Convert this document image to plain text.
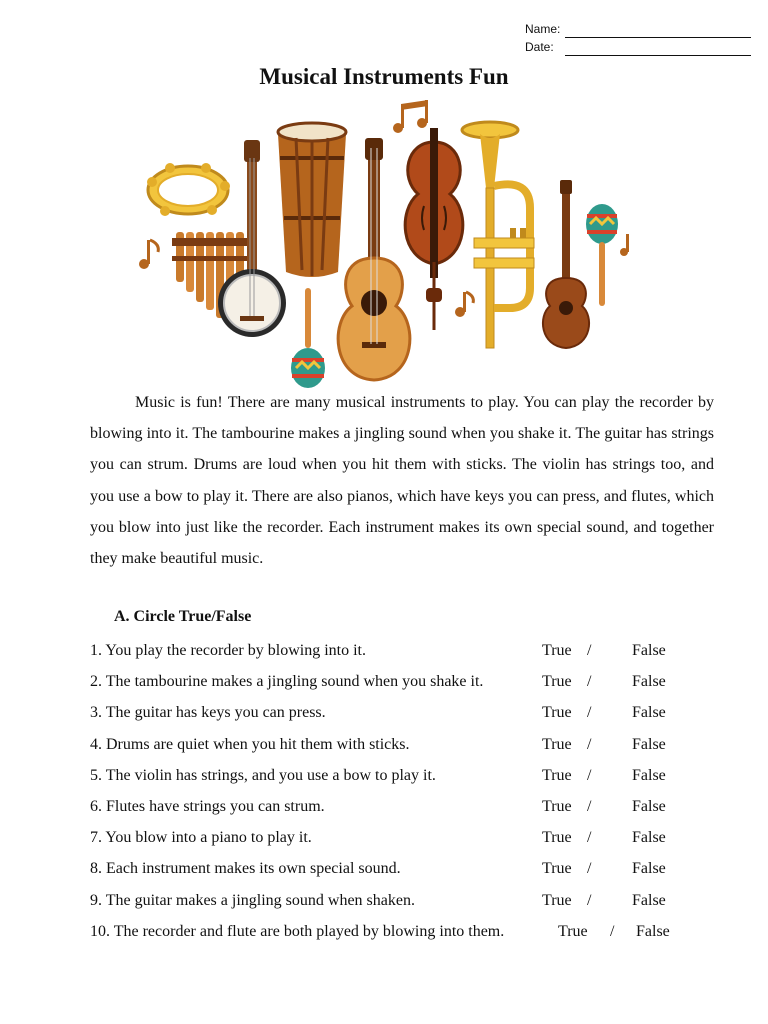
Name:
Date:
Musical Instruments Fun

Music is fun! There are many musical instruments to play. You can play the recorder by blowing into it. The tambourine makes a jingling sound when you shake it. The guitar has strings you can strum. Drums are loud when you hit them with sticks. The violin has strings too, and you use a bow to play it. There are also pianos, which have keys you can press, and flutes, which you blow into just like the recorder. Each instrument makes its own special sound, and together they make beautiful music.

A. Circle True/False
1. You play the recorder by blowing into it.	True /	False
2. The tambourine makes a jingling sound when you shake it.	True /	False
3. The guitar has keys you can press.	True /	False
4. Drums are quiet when you hit them with sticks.	True /	False
5. The violin has strings, and you use a bow to play it.	True /	False
6. Flutes have strings you can strum.	True /	False
7. You blow into a piano to play it.	True /	False
8. Each instrument makes its own special sound.	True /	False
9. The guitar makes a jingling sound when shaken.	True /	False
10. The recorder and flute are both played by blowing into them.	True / False
